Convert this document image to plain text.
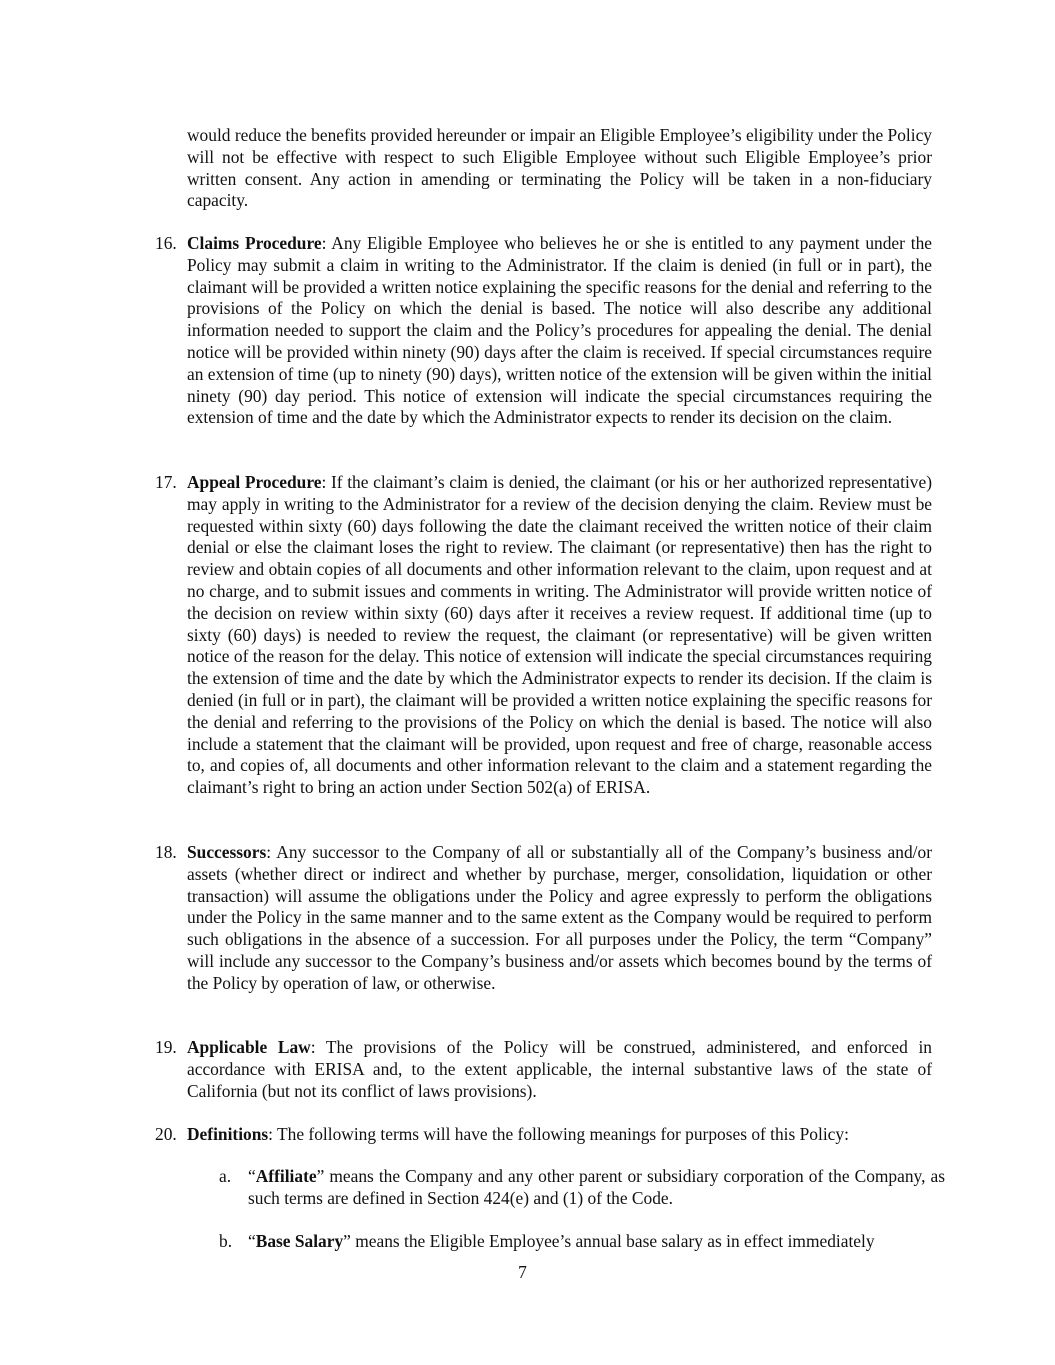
would reduce the benefits provided hereunder or impair an Eligible Employee’s eligibility under the Policy will not be effective with respect to such Eligible Employee without such Eligible Employee’s prior written consent. Any action in amending or terminating the Policy will be taken in a non-fiduciary capacity.

16. Claims Procedure: Any Eligible Employee who believes he or she is entitled to any payment under the Policy may submit a claim in writing to the Administrator. If the claim is denied (in full or in part), the claimant will be provided a written notice explaining the specific reasons for the denial and referring to the provisions of the Policy on which the denial is based. The notice will also describe any additional information needed to support the claim and the Policy’s procedures for appealing the denial. The denial notice will be provided within ninety (90) days after the claim is received. If special circumstances require an extension of time (up to ninety (90) days), written notice of the extension will be given within the initial ninety (90) day period. This notice of extension will indicate the special circumstances requiring the extension of time and the date by which the Administrator expects to render its decision on the claim.

17. Appeal Procedure: If the claimant’s claim is denied, the claimant (or his or her authorized representative) may apply in writing to the Administrator for a review of the decision denying the claim. Review must be requested within sixty (60) days following the date the claimant received the written notice of their claim denial or else the claimant loses the right to review. The claimant (or representative) then has the right to review and obtain copies of all documents and other information relevant to the claim, upon request and at no charge, and to submit issues and comments in writing. The Administrator will provide written notice of the decision on review within sixty (60) days after it receives a review request. If additional time (up to sixty (60) days) is needed to review the request, the claimant (or representative) will be given written notice of the reason for the delay. This notice of extension will indicate the special circumstances requiring the extension of time and the date by which the Administrator expects to render its decision. If the claim is denied (in full or in part), the claimant will be provided a written notice explaining the specific reasons for the denial and referring to the provisions of the Policy on which the denial is based. The notice will also include a statement that the claimant will be provided, upon request and free of charge, reasonable access to, and copies of, all documents and other information relevant to the claim and a statement regarding the claimant’s right to bring an action under Section 502(a) of ERISA.

18. Successors: Any successor to the Company of all or substantially all of the Company’s business and/or assets (whether direct or indirect and whether by purchase, merger, consolidation, liquidation or other transaction) will assume the obligations under the Policy and agree expressly to perform the obligations under the Policy in the same manner and to the same extent as the Company would be required to perform such obligations in the absence of a succession. For all purposes under the Policy, the term “Company” will include any successor to the Company’s business and/or assets which becomes bound by the terms of the Policy by operation of law, or otherwise.

19. Applicable Law: The provisions of the Policy will be construed, administered, and enforced in accordance with ERISA and, to the extent applicable, the internal substantive laws of the state of California (but not its conflict of laws provisions).

20. Definitions: The following terms will have the following meanings for purposes of this Policy:

a. “Affiliate” means the Company and any other parent or subsidiary corporation of the Company, as such terms are defined in Section 424(e) and (1) of the Code.

b. “Base Salary” means the Eligible Employee’s annual base salary as in effect immediately

7
